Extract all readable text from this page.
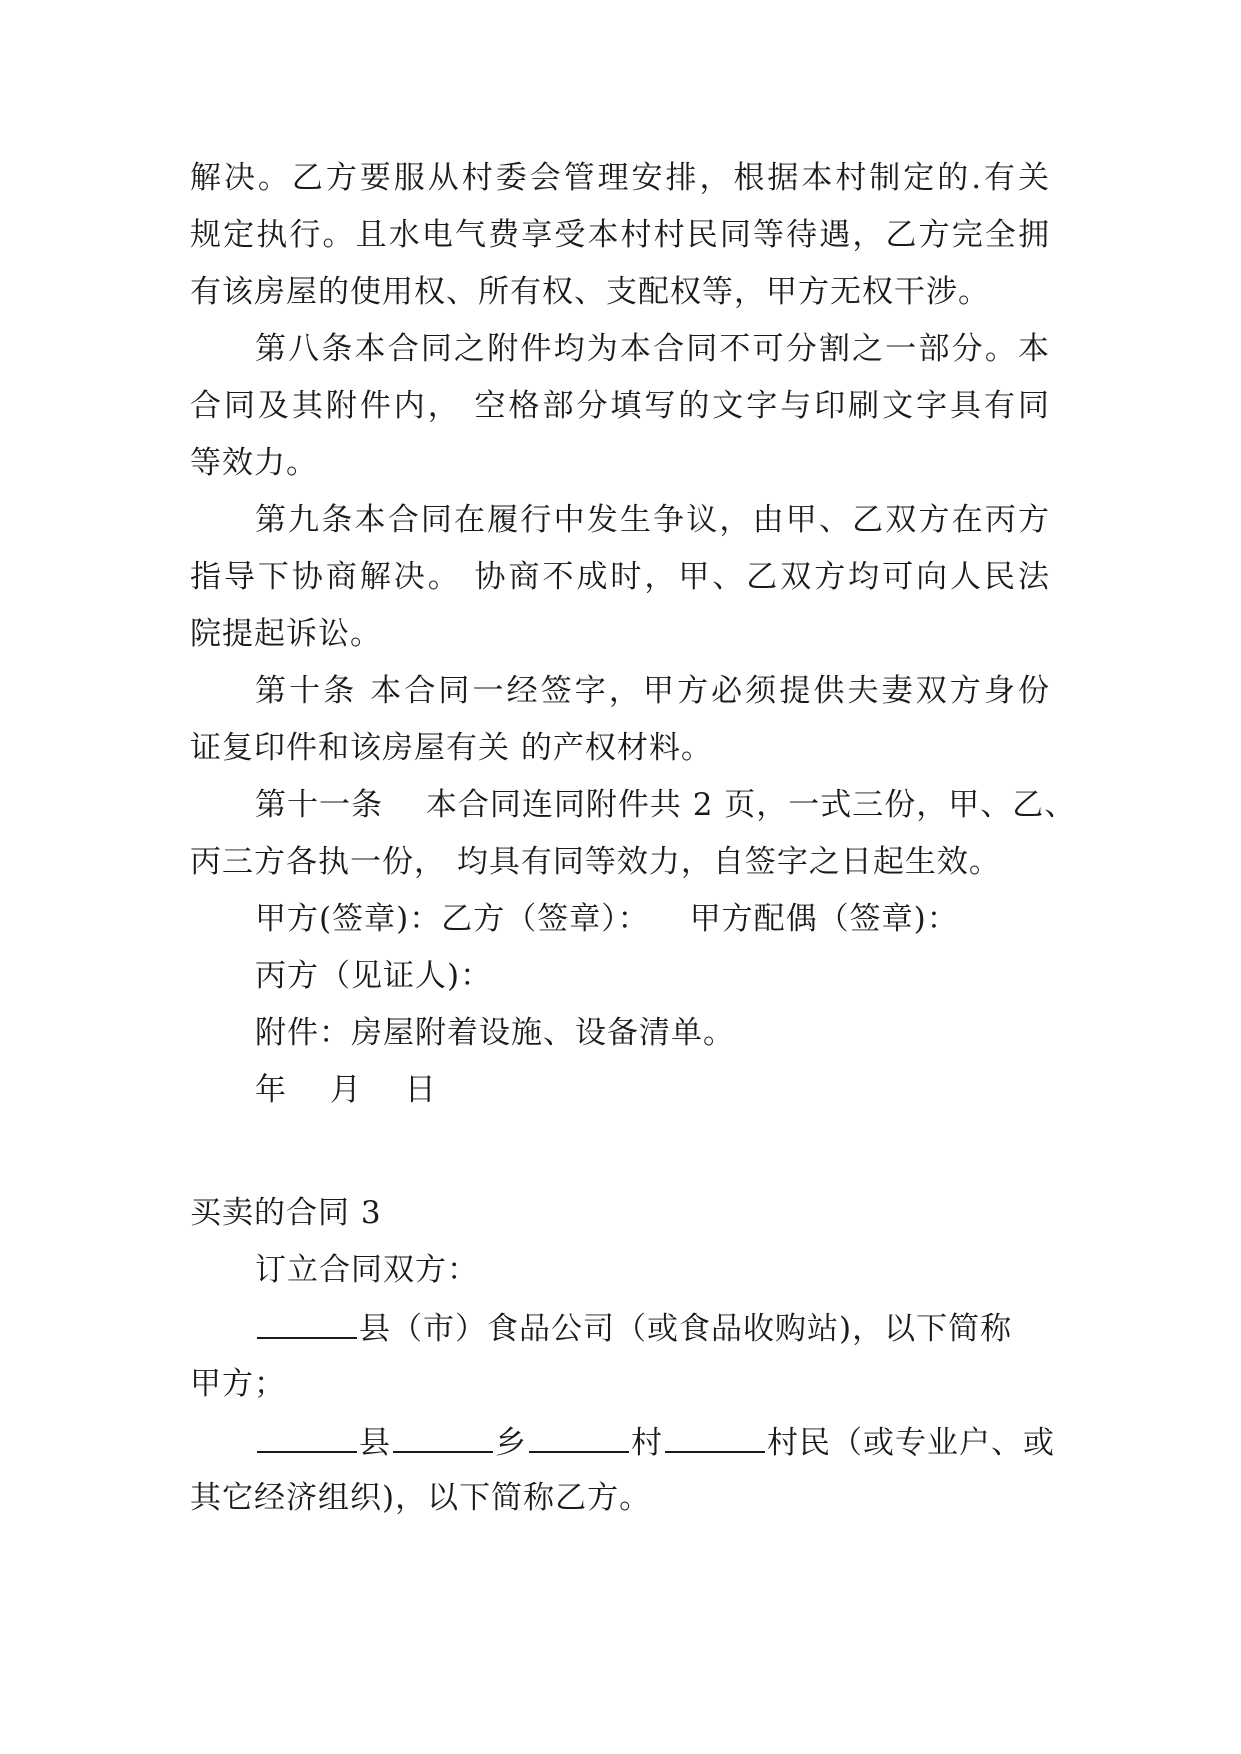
解决。乙方要服从村委会管理安排，根据本村制定的.有关
规定执行。且水电气费享受本村村民同等待遇，乙方完全拥
有该房屋的使用权、所有权、支配权等，甲方无权干涉。
第八条本合同之附件均为本合同不可分割之一部分。本
合同及其附件内， 空格部分填写的文字与印刷文字具有同
等效力。
第九条本合同在履行中发生争议，由甲、乙双方在丙方
指导下协商解决。 协商不成时，甲、乙双方均可向人民法
院提起诉讼。
第十条 本合同一经签字，甲方必须提供夫妻双方身份
证复印件和该房屋有关 的产权材料。
第十一条　 本合同连同附件共 2 页，一式三份，甲、乙、
丙三方各执一份， 均具有同等效力，自签字之日起生效。
甲方(签章)：乙方（签章）： 甲方配偶（签章)：
丙方（见证人)：
附件：房屋附着设施、设备清单。
年　 月　 日
买卖的合同 3
订立合同双方：
县（市）食品公司（或食品收购站)，以下简称
甲方；
县	乡	村	村民（或专业户、或
其它经济组织)，以下简称乙方。
